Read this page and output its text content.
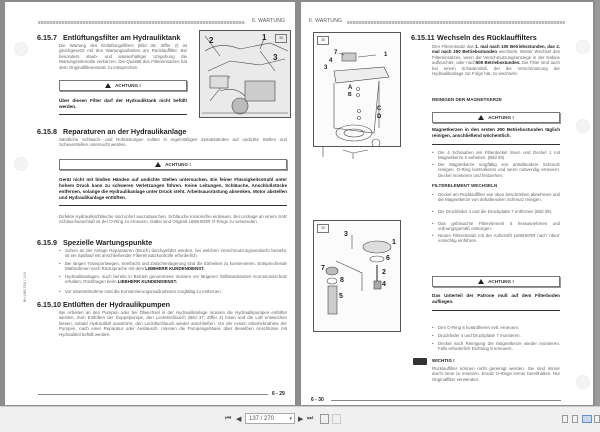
6. WARTUNG
6.15.7 Entlüftungsfilter am Hydrauliktank
Die Wartung des Entlüftungsfilters (Bild 38, Ziffer 2) ist gleichgesetzt mit den Wartungsarbeiten am Rücklauffilter. Bei besonders staub- und wasserhaltiger Umgebung die Wartungsintervalle verkürzen. Die Qualität des Filtereinsatzes hat dem Originalfiltereinsatz zu entsprechen.
ACHTUNG !
Über diesen Filter darf der Hydrauliktank nicht befüllt werden.
38
2	1
3
6.15.8 Reparaturen an der Hydraulikanlage
Sämtliche Schlauch- und Rohrleitungen sollten in regelmäßigen Zeitabständen auf undichte Stellen und Scheuerstellen untersucht werden.
ACHTUNG !
Gerät nicht mit bloßen Händen auf undichte Stellen untersuchen. Ein feiner Flüssigkeitsstrahl unter hohem Druck kann zu schweren Verletzungen führen. Keine Leitungen, Schläuche, Anschlußstücke entfernen, solange die Hydraulikanlage unter Druck steht. Arbeitsausrüstung absenken, Motor abstellen und Hydraulikanlage entlüften.
Defekte Hydraulikschläuche sind sofort auszutauschen. Schläuche torsionsfrei einbauen. Bei Leckage an einem SAE Schlauchanschluß ist der O-Ring zu erneuern. Dabei sind Original LIEBHERR O-Ringe zu verwenden.
6.15.9 Spezielle Wartungspunkte
• Sofern an der Anlage Reparaturen (Bruch) durchgeführt werden, bei welchen Verschmutzungsverdacht besteht, ist ein Spüllauf mit anschließender Filtereinsatzkontrolle erforderlich.
• Bei langen Transportwegen, Seefracht und Zwischenlagerung sind die Einheiten zu konservieren. Entsprechende Maßnahmen nach Rücksprache mit dem LIEBHERR KUNDENDIENST.
• Hydraulikanlagen, auch bereits in Betrieb genommene müssen vor längeren Stillstandszeiten Korrosionsschutz erhalten; Rückfragen beim LIEBHERR KUNDENDIENST.
• Vor Inbetriebnahme sind die Konservierungsmaßnahmen sorgfältig zu entfernen.
6.15.10 Entlüften der Hydraulikpumpen
Bei Arbeiten an den Pumpen oder bei Ölwechsel in der Hydraulikanlage müssen die Hydraulikpumpen entlüftet werden. Zum Entlüften der Doppelpumpe, den Leckölschlauch (Bild 37, Ziffer 2) lösen und die Luft entweichen lassen, sobald Hydrauliköl ausströmt, den Leckölschlauch wieder anschließen. Vor der ersten Inbetriebnahme der Pumpen, nach einer Reparatur oder Austausch, müssen die Pumpengehäuse über dieselben Anschlüsse mit Hydrauliköl befüllt werden.
BH LMB 7/06 / 1/09
6 - 29
6. WARTUNG
38
7	1
4
3
A
B
C
D
39
3
1
6
7
8
2
4
5
6.15.11 Wechseln des Rücklauffilters
Den Filtereinsatz das 1. mal nach 100 Betriebsstunden, das 2. mal nach 250 Betriebsstunden wechseln. Weiter Wechsel des Filtereinsatzes, wenn die Verschmutzungsanzeige in der Kabine aufleuchtet, oder nach500 Betriebsstunden. Die Filter sind auch bei einem Schadensfall, der die Verschmutzung der Hydraulikanlage zur Folge hat, zu wechseln.
REINIGEN DER MAGNETKERZE
ACHTUNG !
Magnetkerzen in den ersten 300 Betriebsstunden täglich reinigen, anschließend wöchentlich.
• Die 4 Schrauben am Filterdeckel lösen und Deckel 1 mit Magnetkerze 2 anheben. (Bild 39)
• Die Magnetkerze sorgfältig von anhaftendem Schmutz reinigen. O-Ring kontrollieren und wenn notwendig erneuern. Deckel montieren und festziehen.
FILTERELEMENT WECHSELN
• Deckel am Rücklauffilter wie oben beschrieben abnehmen und die Magnetkerze von anhaftendem Schmutz reinigen.
• Die Druckfeder 4 und die Druckplatte 7 entfernen (Bild 39).
• Das gebrauchte Filterelement 5 herausnehmen und ordnungsgemäß entsorgen.
• Neuen Filtereinsatz mit der Aufschrift LIEBHERR nach 'oben' vorsichtig einführen.
ACHTUNG !
Das Unterteil der Patrone muß auf dem Filterboden aufliegen.
• Den O-Ring 6 kontrollieren evtl. erneuern.
• Druckfeder 4 und Druckplatte 7 montieren.
• Deckel nach Reinigung der Magnetkerze wieder montieren. Falls erforderlich Dichtung 8 erneuern.
WICHTIG !
Rücklauffilter können nicht gereinigt werden. Sie sind immer durch neue zu ersetzen. Ersatz O-Ringe immer bereithalten. Nur Originalfilter verwenden.
6 - 30
⏮ ◀	137 / 270	▾ ▶ ⏭
